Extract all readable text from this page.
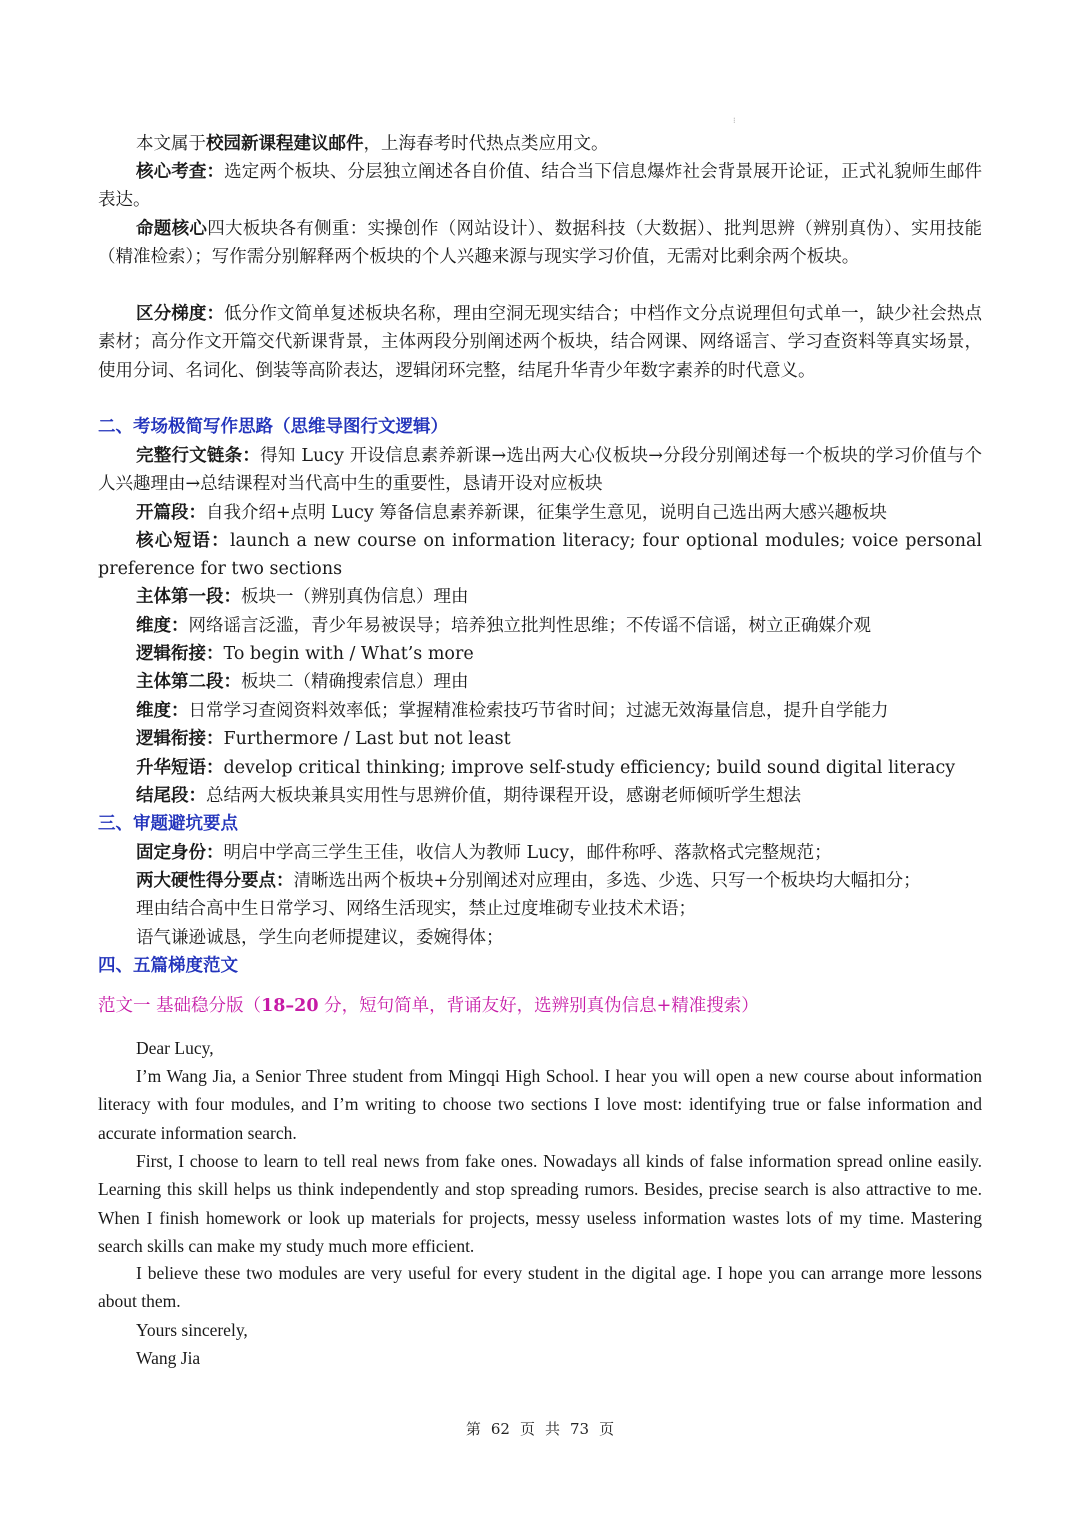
⁝

本文属于校园新课程建议邮件，上海春考时代热点类应用文。

核心考查：选定两个板块、分层独立阐述各自价值、结合当下信息爆炸社会背景展开论证，正式礼貌师生邮件表达。

命题核心四大板块各有侧重：实操创作（网站设计）、数据科技（大数据）、批判思辨（辨别真伪）、实用技能（精准检索）；写作需分别解释两个板块的个人兴趣来源与现实学习价值，无需对比剩余两个板块。

区分梯度：低分作文简单复述板块名称，理由空洞无现实结合；中档作文分点说理但句式单一，缺少社会热点素材；高分作文开篇交代新课背景，主体两段分别阐述两个板块，结合网课、网络谣言、学习查资料等真实场景，使用分词、名词化、倒装等高阶表达，逻辑闭环完整，结尾升华青少年数字素养的时代意义。

二、考场极简写作思路（思维导图行文逻辑）

完整行文链条：得知 Lucy 开设信息素养新课→选出两大心仪板块→分段分别阐述每一个板块的学习价值与个人兴趣理由→总结课程对当代高中生的重要性，恳请开设对应板块

开篇段：自我介绍+点明 Lucy 筹备信息素养新课，征集学生意见，说明自己选出两大感兴趣板块

核心短语：launch a new course on information literacy; four optional modules; voice personal preference for two sections

主体第一段：板块一（辨别真伪信息）理由

维度：网络谣言泛滥，青少年易被误导；培养独立批判性思维；不传谣不信谣，树立正确媒介观

逻辑衔接：To begin with / What’s more

主体第二段：板块二（精确搜索信息）理由

维度：日常学习查阅资料效率低；掌握精准检索技巧节省时间；过滤无效海量信息，提升自学能力

逻辑衔接：Furthermore / Last but not least

升华短语：develop critical thinking; improve self-study efficiency; build sound digital literacy

结尾段：总结两大板块兼具实用性与思辨价值，期待课程开设，感谢老师倾听学生想法

三、审题避坑要点

固定身份：明启中学高三学生王佳，收信人为教师 Lucy，邮件称呼、落款格式完整规范；

两大硬性得分要点：清晰选出两个板块+分别阐述对应理由，多选、少选、只写一个板块均大幅扣分；

理由结合高中生日常学习、网络生活现实，禁止过度堆砌专业技术术语；

语气谦逊诚恳，学生向老师提建议，委婉得体；

四、五篇梯度范文

范文一 基础稳分版（18–20 分，短句简单，背诵友好，选辨别真伪信息+精准搜索）

Dear Lucy,

I’m Wang Jia, a Senior Three student from Mingqi High School. I hear you will open a new course about information literacy with four modules, and I’m writing to choose two sections I love most: identifying true or false information and accurate information search.

First, I choose to learn to tell real news from fake ones. Nowadays all kinds of false information spread online easily. Learning this skill helps us think independently and stop spreading rumors. Besides, precise search is also attractive to me. When I finish homework or look up materials for projects, messy useless information wastes lots of my time. Mastering search skills can make my study much more efficient.

I believe these two modules are very useful for every student in the digital age. I hope you can arrange more lessons about them.

Yours sincerely,

Wang Jia

第 62 页 共 73 页
